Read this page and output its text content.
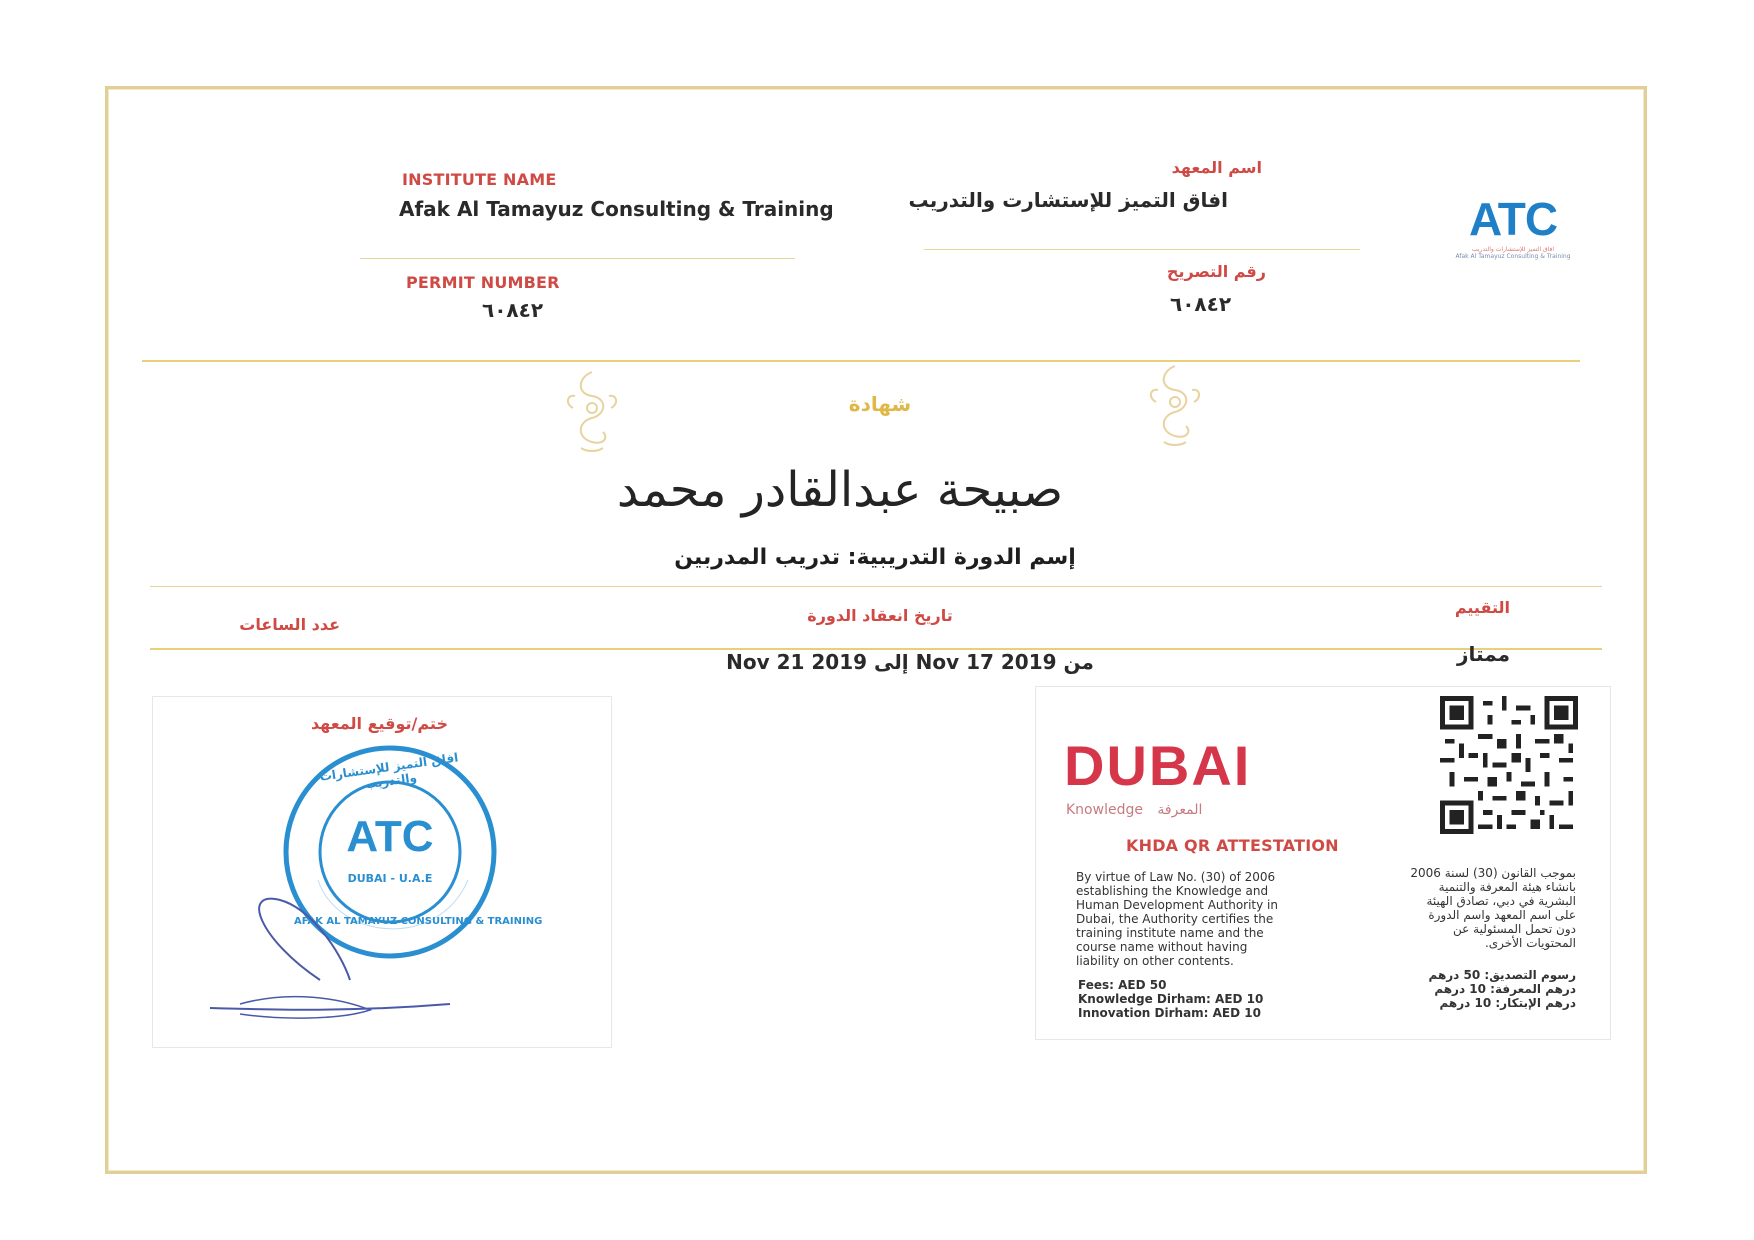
INSTITUTE NAME
Afak Al Tamayuz Consulting & Training
PERMIT NUMBER
٦٠٨٤٢
اسم المعهد
افاق التميز للإستشارت والتدريب
رقم التصريح
٦٠٨٤٢
ATC
افاق التميز للإستشارات والتدريب
Afak Al Tamayuz Consulting & Training
شهادة
صبيحة عبدالقادر محمد
إسم الدورة التدريبية: تدريب المدربين
التقييم
تاريخ انعقاد الدورة
عدد الساعات
ممتاز
Nov 21 2019 إلى Nov 17 2019 من
ختم/توقيع المعهد
افاق التميز للإستشارات والتدريب
AFAK AL TAMAYUZ CONSULTING & TRAINING
ATC
DUBAI - U.A.E
DUBAI
Knowledge المعرفة
KHDA QR ATTESTATION
By virtue of Law No. (30) of 2006
establishing the Knowledge and
Human Development Authority in
Dubai, the Authority certifies the
training institute name and the
course name without having
liability on other contents.
Fees: AED 50
Knowledge Dirham: AED 10
Innovation Dirham: AED 10
بموجب القانون (30) لسنة 2006
بانشاء هيئة المعرفة والتنمية
البشرية في دبي، تصادق الهيئة
على اسم المعهد واسم الدورة
دون تحمل المسئولية عن
المحتويات الأخرى.
رسوم التصديق: 50 درهم
درهم المعرفة: 10 درهم
درهم الإبتكار: 10 درهم
